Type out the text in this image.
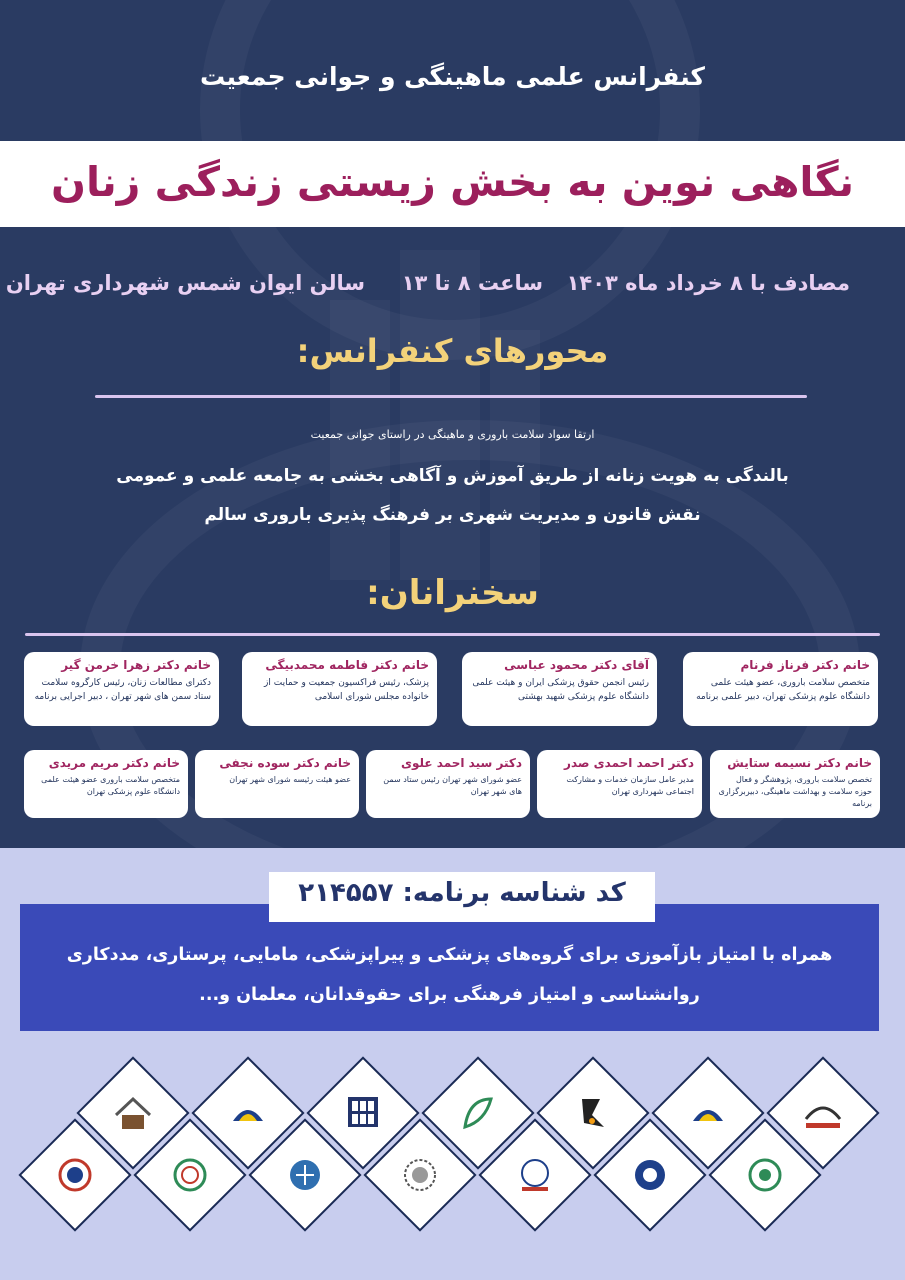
کنفرانس علمی ماهینگی و جوانی جمعیت
نگاهی نوین به بخش زیستی زندگی زنان
مصادف با ۸ خرداد ماه ۱۴۰۳
ساعت ۸ تا ۱۳
سالن ایوان شمس شهرداری تهران
محورهای کنفرانس:
ارتقا سواد سلامت باروری و ماهینگی در راستای جوانی جمعیت
بالندگی به هویت زنانه از طریق آموزش و آگاهی بخشی به جامعه علمی و عمومی
نقش قانون و مدیریت شهری بر فرهنگ پذیری باروری سالم
سخنرانان:
خانم دکتر فرناز فرنام
متخصص سلامت باروری، عضو هیئت علمی دانشگاه علوم پزشکی تهران، دبیر علمی برنامه
آقای دکتر محمود عباسی
رئیس انجمن حقوق پزشکی ایران و هیئت علمی دانشگاه علوم پزشکی شهید بهشتی
خانم دکتر فاطمه محمدبیگی
پزشک، رئیس فراکسیون جمعیت و حمایت از خانواده مجلس شورای اسلامی
خانم دکتر زهرا خرمن گیر
دکترای مطالعات زنان، رئیس کارگروه سلامت ستاد سمن های شهر تهران ، دبیر اجرایی برنامه
خانم دکتر نسیمه ستایش
تخصص سلامت باروری، پژوهشگر و فعال حوزه سلامت و بهداشت ماهینگی، دبیربرگزاری برنامه
دکتر احمد احمدی صدر
مدیر عامل سازمان خدمات و مشارکت اجتماعی شهرداری تهران
دکتر سید احمد علوی
عضو شورای شهر تهران رئیس ستاد سمن های شهر تهران
خانم دکتر سوده نجفی
عضو هیئت رئیسه شورای شهر تهران
خانم دکتر مریم مریدی
متخصص سلامت باروری عضو هیئت علمی دانشگاه علوم پزشکی تهران
کد شناسه برنامه: ۲۱۴۵۵۷
همراه با امتیاز بازآموزی برای گروه‌های پزشکی و پیراپزشکی، مامایی، پرستاری، مددکاری
روانشناسی و امتیاز فرهنگی برای حقوقدانان، معلمان و...
